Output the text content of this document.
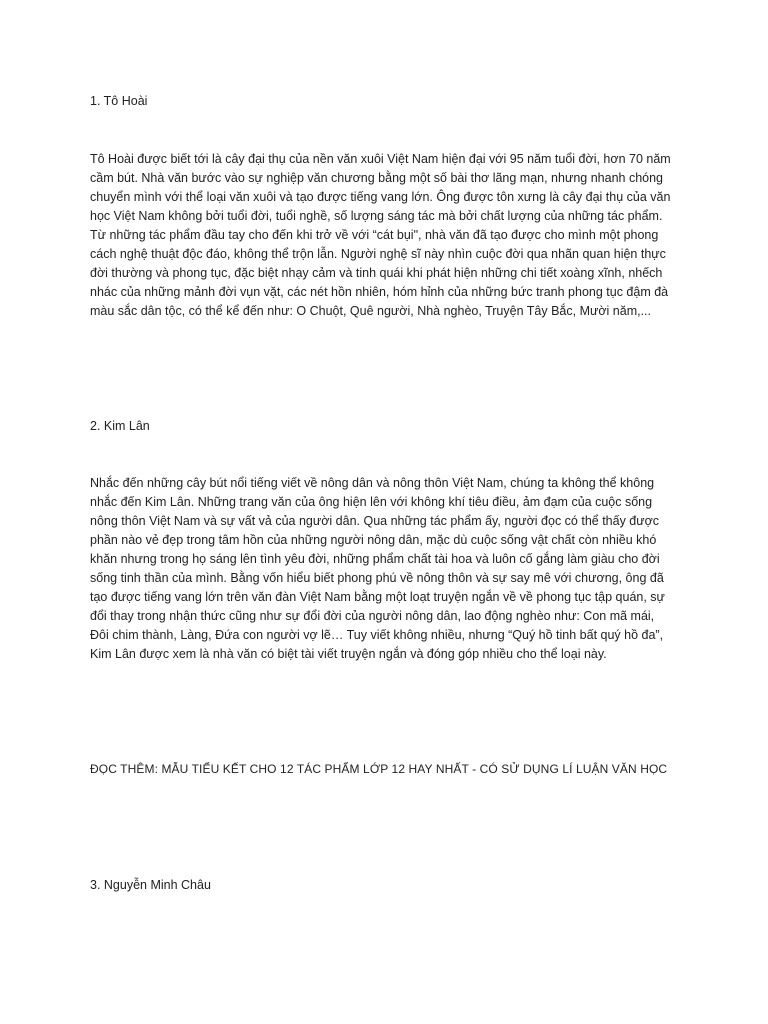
1. Tô Hoài

Tô Hoài được biết tới là cây đại thụ của nền văn xuôi Việt Nam hiện đại với 95 năm tuổi đời, hơn 70 năm
cầm bút. Nhà văn bước vào sự nghiệp văn chương bằng một số bài thơ lãng mạn, nhưng nhanh chóng
chuyển mình với thể loại văn xuôi và tạo được tiếng vang lớn. Ông được tôn xưng là cây đại thụ của văn
học Việt Nam không bởi tuổi đời, tuổi nghề, số lượng sáng tác mà bởi chất lượng của những tác phẩm.
Từ những tác phẩm đầu tay cho đến khi trở về với “cát bụi", nhà văn đã tạo được cho mình một phong
cách nghệ thuật độc đáo, không thể trộn lẫn. Người nghệ sĩ này nhìn cuộc đời qua nhãn quan hiện thực
đời thường và phong tục, đặc biệt nhạy cảm và tinh quái khi phát hiện những chi tiết xoàng xĩnh, nhếch
nhác của những mảnh đời vụn vặt, các nét hồn nhiên, hóm hỉnh của những bức tranh phong tục đậm đà
màu sắc dân tộc, có thể kể đến như: O Chuột, Quê người, Nhà nghèo, Truyện Tây Bắc, Mười năm,...

2. Kim Lân

Nhắc đến những cây bút nổi tiếng viết về nông dân và nông thôn Việt Nam, chúng ta không thể không
nhắc đến Kim Lân. Những trang văn của ông hiện lên với không khí tiêu điều, ảm đạm của cuộc sống
nông thôn Việt Nam và sự vất vả của người dân. Qua những tác phẩm ấy, người đọc có thể thấy được
phần nào vẻ đẹp trong tâm hồn của những người nông dân, mặc dù cuộc sống vật chất còn nhiều khó
khăn nhưng trong họ sáng lên tình yêu đời, những phẩm chất tài hoa và luôn cố gắng làm giàu cho đời
sống tinh thần của mình. Bằng vốn hiểu biết phong phú về nông thôn và sự say mê với chương, ông đã
tạo được tiếng vang lớn trên văn đàn Việt Nam bằng một loạt truyện ngắn về về phong tục tập quán, sự
đổi thay trong nhận thức cũng như sự đổi đời của người nông dân, lao động nghèo như: Con mã mái,
Đôi chim thành, Làng, Đứa con người vợ lẽ… Tuy viết không nhiều, nhưng “Quý hồ tinh bất quý hồ đa”,
Kim Lân được xem là nhà văn có biệt tài viết truyện ngắn và đóng góp nhiều cho thể loại này.

ĐỌC THÊM: MẪU TIỂU KẾT CHO 12 TÁC PHẨM LỚP 12 HAY NHẤT - CÓ SỬ DỤNG LÍ LUẬN VĂN HỌC
3. Nguyễn Minh Châu
